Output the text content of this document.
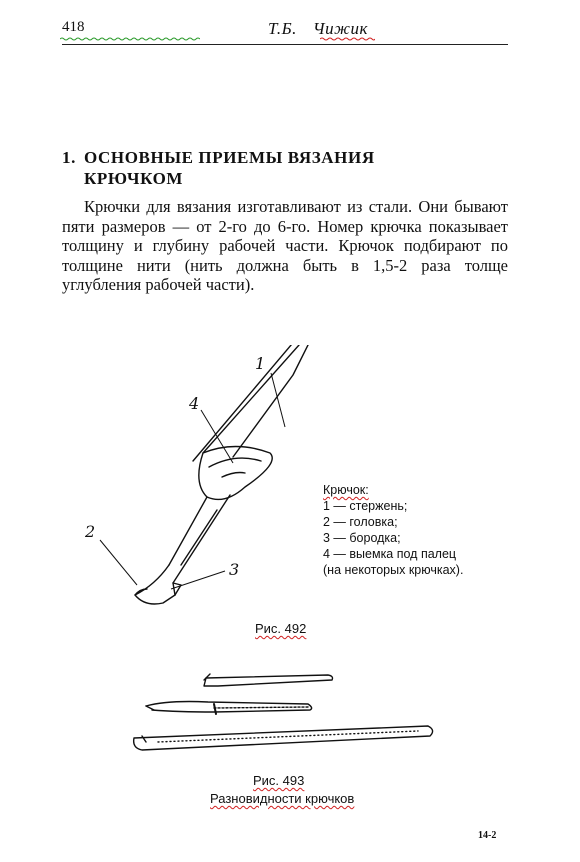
418	Т.Б. Чижик
1. ОСНОВНЫЕ ПРИЕМЫ ВЯЗАНИЯ
КРЮЧКОМ

Крючки для вязания изготавливают из стали. Они бывают пяти размеров — от 2-го до 6-го. Номер крючка показывает толщину и глубину рабочей части. Крючок подбирают по толщине нити (нить должна быть в 1,5-2 раза толще углубления рабочей части).

1
4
2
3
Крючок:
1 — стержень;
2 — головка;
3 — бородка;
4 — выемка под палец
(на некоторых крючках).
Рис. 492
Рис. 493
Разновидности крючков
14-2
